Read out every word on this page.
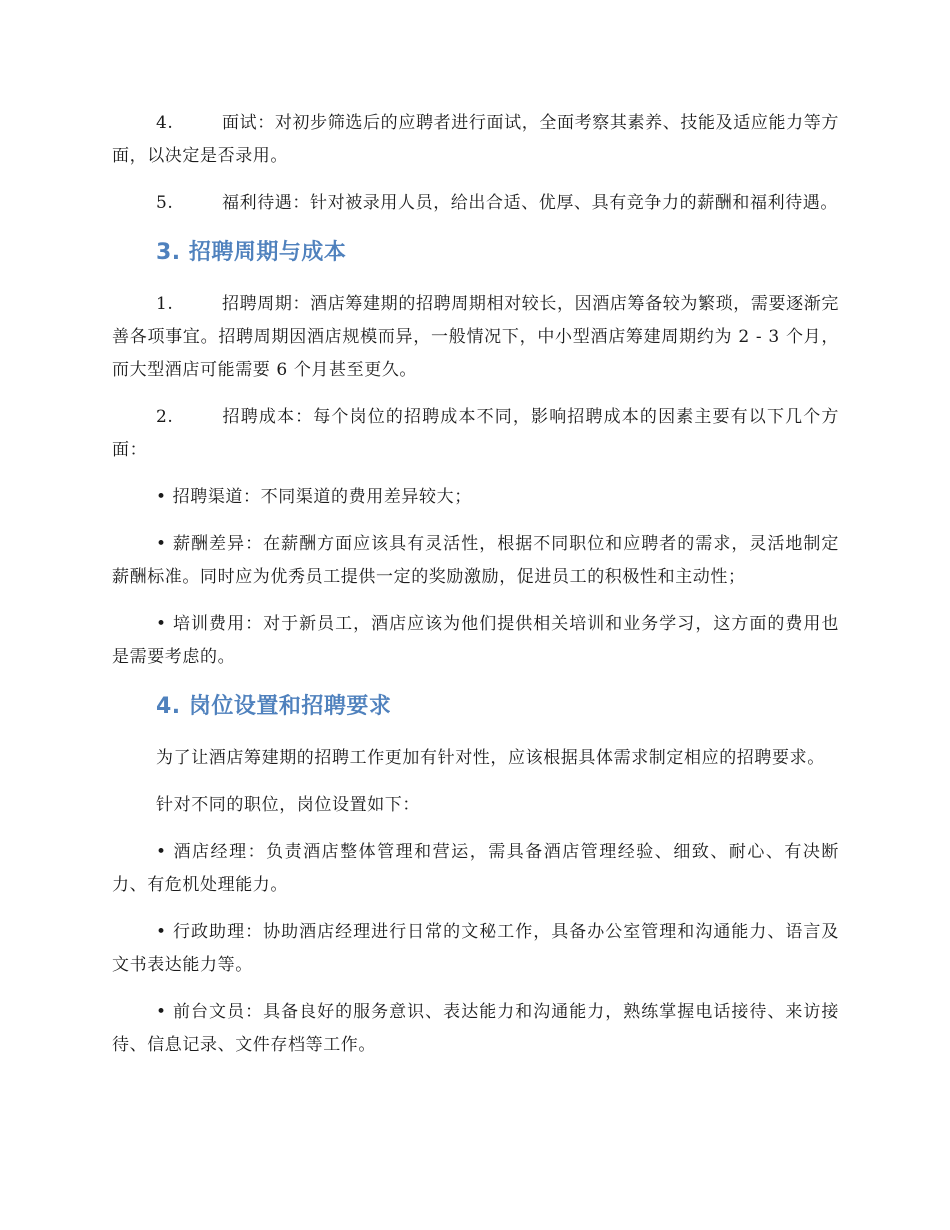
4.	面试：对初步筛选后的应聘者进行面试，全面考察其素养、技能及适应能力等方面，以决定是否录用。

5.	福利待遇：针对被录用人员，给出合适、优厚、具有竞争力的薪酬和福利待遇。

3. 招聘周期与成本

1.	招聘周期：酒店筹建期的招聘周期相对较长，因酒店筹备较为繁琐，需要逐渐完善各项事宜。招聘周期因酒店规模而异，一般情况下，中小型酒店筹建周期约为 2 - 3 个月，而大型酒店可能需要 6 个月甚至更久。

2.	招聘成本：每个岗位的招聘成本不同，影响招聘成本的因素主要有以下几个方面：

• 招聘渠道：不同渠道的费用差异较大；

• 薪酬差异：在薪酬方面应该具有灵活性，根据不同职位和应聘者的需求，灵活地制定薪酬标准。同时应为优秀员工提供一定的奖励激励，促进员工的积极性和主动性；

• 培训费用：对于新员工，酒店应该为他们提供相关培训和业务学习，这方面的费用也是需要考虑的。

4. 岗位设置和招聘要求

为了让酒店筹建期的招聘工作更加有针对性，应该根据具体需求制定相应的招聘要求。

针对不同的职位，岗位设置如下：

• 酒店经理：负责酒店整体管理和营运，需具备酒店管理经验、细致、耐心、有决断力、有危机处理能力。

• 行政助理：协助酒店经理进行日常的文秘工作，具备办公室管理和沟通能力、语言及文书表达能力等。

• 前台文员：具备良好的服务意识、表达能力和沟通能力，熟练掌握电话接待、来访接待、信息记录、文件存档等工作。
